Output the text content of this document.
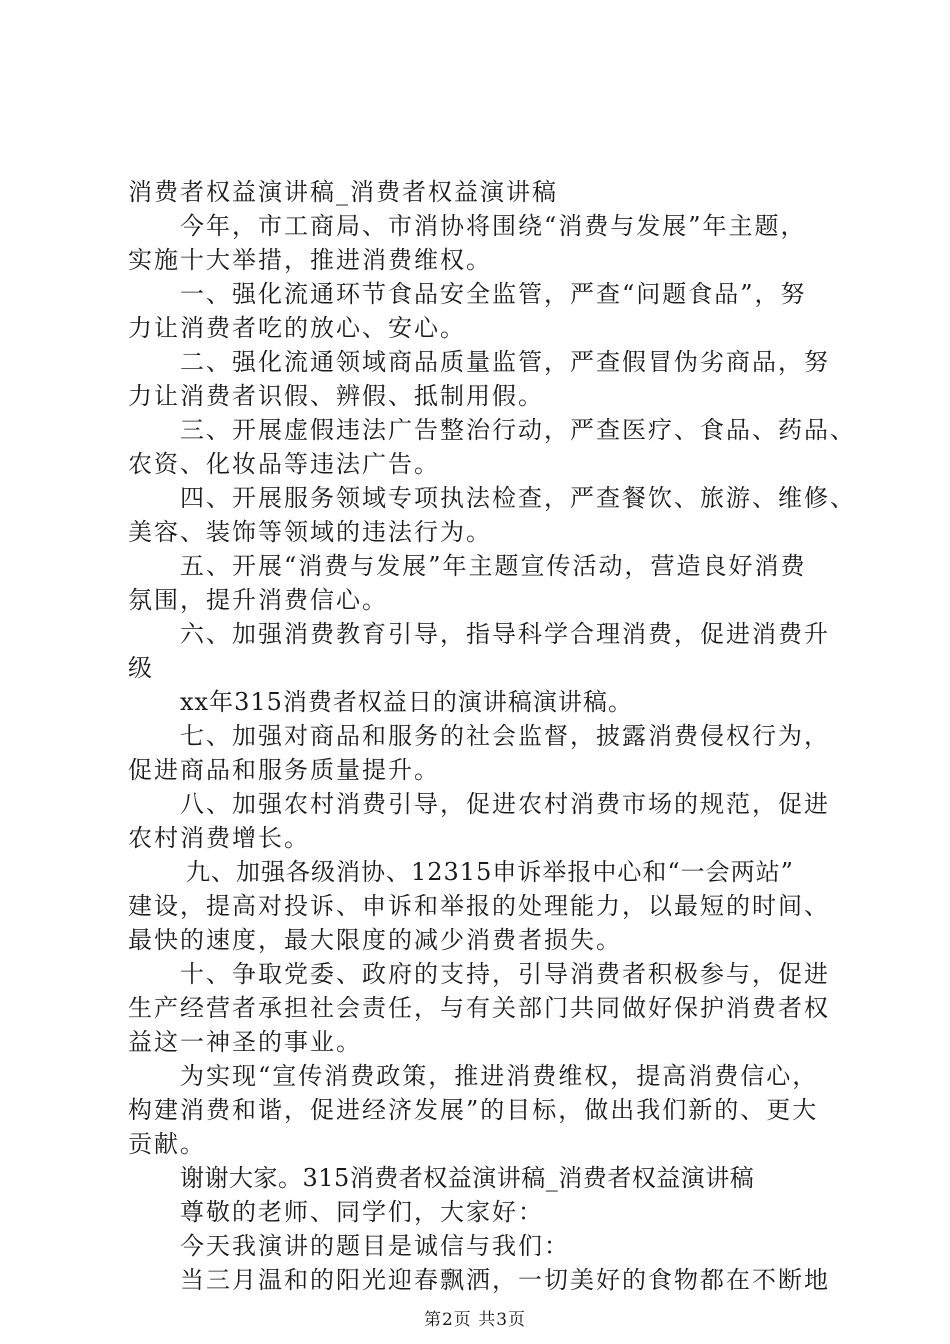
消费者权益演讲稿_消费者权益演讲稿
今年，市工商局、市消协将围绕“消费与发展”年主题，
实施十大举措，推进消费维权。
一、强化流通环节食品安全监管，严查“问题食品”，努
力让消费者吃的放心、安心。
二、强化流通领域商品质量监管，严查假冒伪劣商品，努
力让消费者识假、辨假、抵制用假。
三、开展虚假违法广告整治行动，严查医疗、食品、药品、
农资、化妆品等违法广告。
四、开展服务领域专项执法检查，严查餐饮、旅游、维修、
美容、装饰等领域的违法行为。
五、开展“消费与发展”年主题宣传活动，营造良好消费
氛围，提升消费信心。
六、加强消费教育引导，指导科学合理消费，促进消费升
级
xx年315消费者权益日的演讲稿演讲稿。
七、加强对商品和服务的社会监督，披露消费侵权行为，
促进商品和服务质量提升。
八、加强农村消费引导，促进农村消费市场的规范，促进
农村消费增长。
九、加强各级消协、12315申诉举报中心和“一会两站”
建设，提高对投诉、申诉和举报的处理能力，以最短的时间、
最快的速度，最大限度的减少消费者损失。
十、争取党委、政府的支持，引导消费者积极参与，促进
生产经营者承担社会责任，与有关部门共同做好保护消费者权
益这一神圣的事业。
为实现“宣传消费政策，推进消费维权，提高消费信心，
构建消费和谐，促进经济发展”的目标，做出我们新的、更大
贡献。
谢谢大家。315消费者权益演讲稿_消费者权益演讲稿
尊敬的老师、同学们，大家好：
今天我演讲的题目是诚信与我们：
当三月温和的阳光迎春飘洒，一切美好的食物都在不断地
第2页 共3页
